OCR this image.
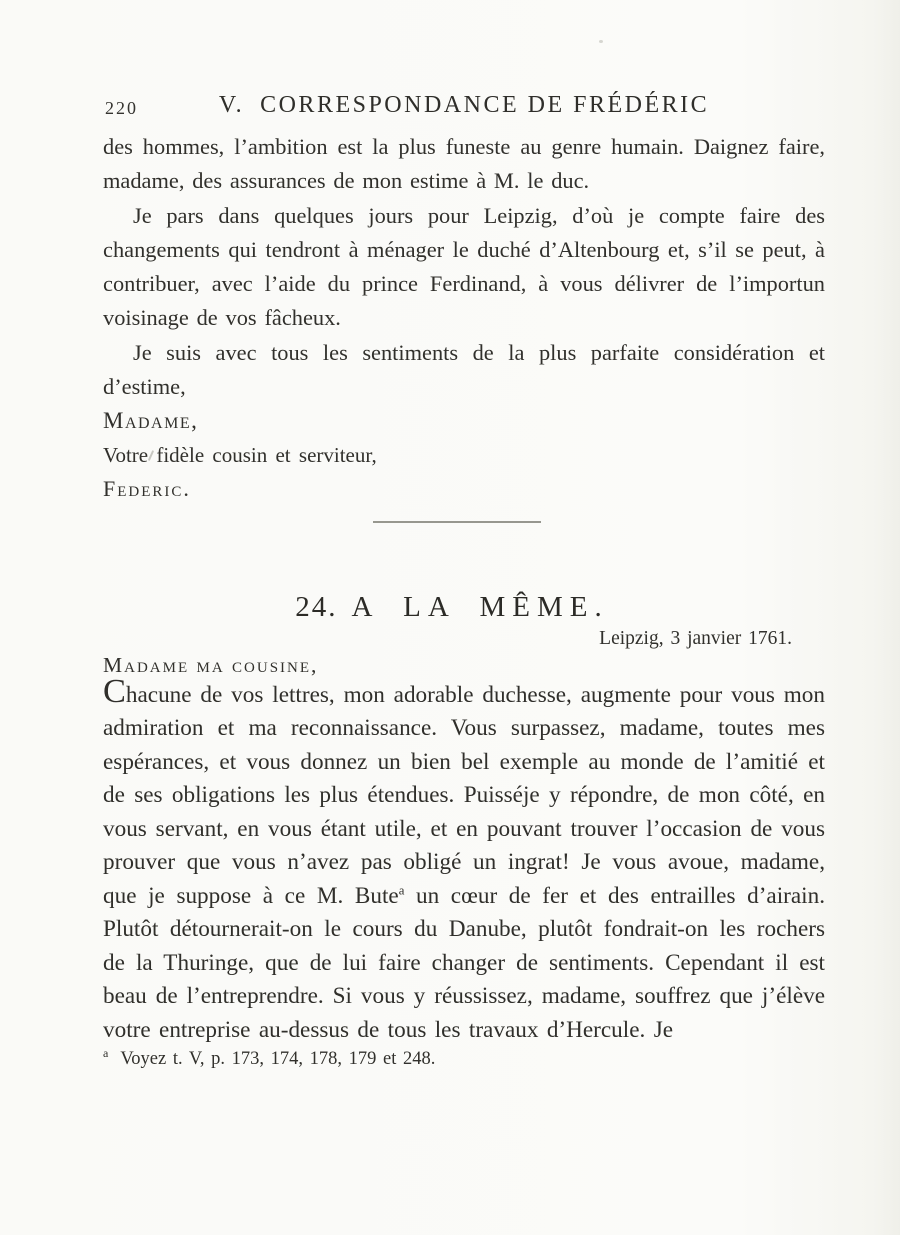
220	V. CORRESPONDANCE DE FRÉDÉRIC

des hommes, l’ambition est la plus funeste au genre humain. Daignez faire, madame, des assurances de mon estime à M. le duc.

Je pars dans quelques jours pour Leipzig, d’où je compte faire des changements qui tendront à ménager le duché d’Altenbourg et, s’il se peut, à contribuer, avec l’aide du prince Ferdinand, à vous délivrer de l’importun voisinage de vos fâcheux.

Je suis avec tous les sentiments de la plus parfaite considération et d’estime,

Madame,

Votre fidèle cousin et serviteur,

Federic.

24. A LA MÊME.

Leipzig, 3 janvier 1761.

Madame ma cousine,

Chacune de vos lettres, mon adorable duchesse, augmente pour vous mon admiration et ma reconnaissance. Vous surpassez, madame, toutes mes espérances, et vous donnez un bien bel exemple au monde de l’amitié et de ses obligations les plus étendues. Puisséje y répondre, de mon côté, en vous servant, en vous étant utile, et en pouvant trouver l’occasion de vous prouver que vous n’avez pas obligé un ingrat! Je vous avoue, madame, que je suppose à ce M. Bute$^a$ un cœur de fer et des entrailles d’airain. Plutôt détournerait-on le cours du Danube, plutôt fondrait-on les rochers de la Thuringe, que de lui faire changer de sentiments. Cependant il est beau de l’entreprendre. Si vous y réussissez, madame, souffrez que j’élève votre entreprise au-dessus de tous les travaux d’Hercule. Je

$^a$ Voyez t. V, p. 173, 174, 178, 179 et 248.
